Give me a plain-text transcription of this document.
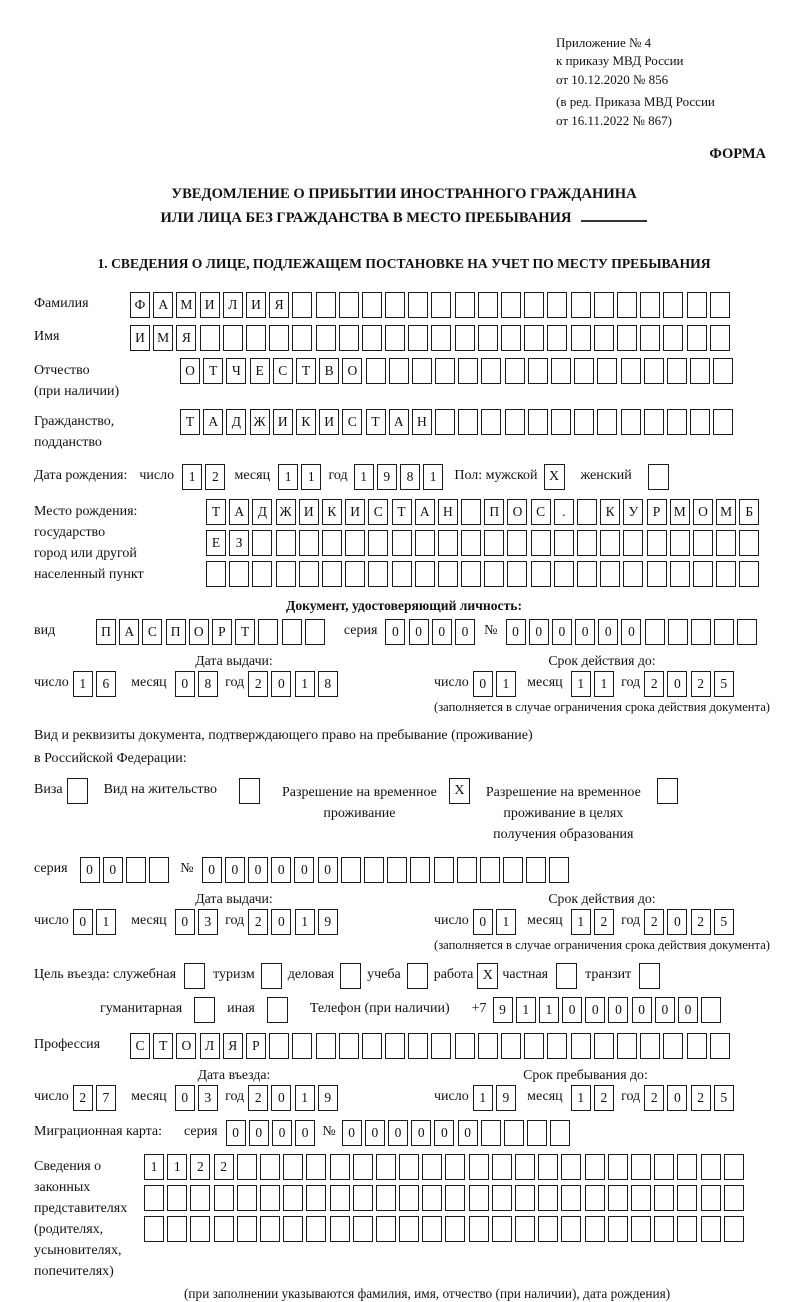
Приложение № 4
к приказу МВД России
от 10.12.2020 № 856
(в ред. Приказа МВД России
от 16.11.2022 № 867)
ФОРМА
УВЕДОМЛЕНИЕ О ПРИБЫТИИ ИНОСТРАННОГО ГРАЖДАНИНА
ИЛИ ЛИЦА БЕЗ ГРАЖДАНСТВА В МЕСТО ПРЕБЫВАНИЯ
1. СВЕДЕНИЯ О ЛИЦЕ, ПОДЛЕЖАЩЕМ ПОСТАНОВКЕ НА УЧЕТ ПО МЕСТУ ПРЕБЫВАНИЯ
Фамилия	Ф А М И	Л	И	Я
Имя	И М Я
Отчество
(при наличии)
О	Т	Ч	Е	С	Т	В	О
Гражданство,
подданство
Т	А	Д Ж И	К	И	С	Т	А Н
Дата рождения: число	1	2	месяц	1	1 год 1	9	8	1	Пол: мужской X	женский
Место рождения:
государство
город или другой
населенный пункт
Т	А	Д Ж И	К	И	С	Т	А Н	П О	С	.	К	У	Р М О М Б
Е	З
Документ, удостоверяющий личность:
вид	П А	С	П О	Р	Т	серия	0	0	0	0	№	0	0	0	0	0	0
Дата выдачи:
число 1	6	месяц	0	8 год 2	0	1	8
Срок действия до:
число 0	1	месяц	1	1 год 2	0	2	5
(заполняется в случае ограничения срока действия документа)
Вид и реквизиты документа, подтверждающего право на пребывание (проживание)
в Российской Федерации:
Виза	Вид на жительство	Разрешение на временное
проживание
X	Разрешение на временное
проживание в целях
получения образования
серия	0	0	№	0	0	0	0	0	0
Дата выдачи:
число 0	1	месяц	0	3 год 2	0	1	9
Срок действия до:
число 0	1	месяц	1	2 год 2	0	2	5
(заполняется в случае ограничения срока действия документа)
Цель въезда: служебная	туризм деловая учеба работа X частная	транзит
гуманитарная	иная	Телефон (при наличии) +7 9	1	1	0	0	0	0	0	0
Профессия	С	Т	О	Л	Я	Р
Дата въезда:
число 2	7	месяц	0	3 год 2	0	1	9
Срок пребывания до:
число 1	9	месяц	1	2 год 2	0	2	5
Миграционная карта: серия	0	0	0	0 № 0	0	0	0	0	0
Сведения о
законных
представителях
(родителях,
усыновителях,
попечителях)
1	1	2	2
(при заполнении указываются фамилия, имя, отчество (при наличии), дата рождения)
